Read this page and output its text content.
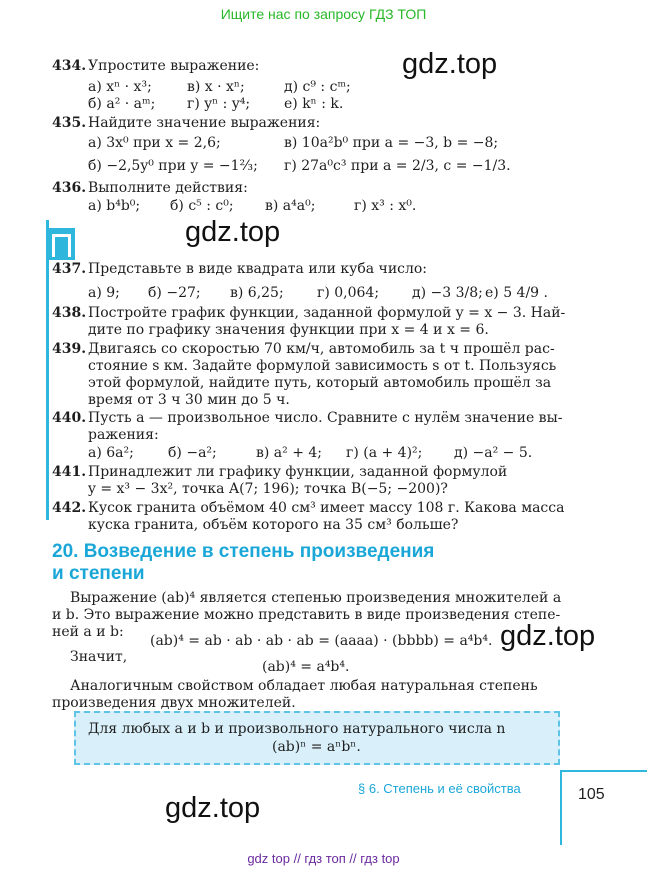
Ищите нас по запросу ГДЗ ТОП
gdz.top
gdz.top
gdz.top
gdz.top
434. Упростите выражение:
а) xⁿ · x³;	в) x · xⁿ;	д) c⁹ : cᵐ;
б) a² · aᵐ; г) yⁿ : y⁴; е) kⁿ : k.
435. Найдите значение выражения:
а) 3x⁰ при x = 2,6;	в) 10a²b⁰ при a = −3, b = −8;
б) −2,5y⁰ при y = −1⅔; г) 27a⁰c³ при a = 2/3, c = −1/3.
436. Выполните действия:
а) b⁴b⁰; б) c⁵ : c⁰; в) a⁴a⁰;	г) x³ : x⁰.
437. Представьте в виде квадрата или куба число:
а) 9; б) −27; в) 6,25; г) 0,064; д) −3 3/8; е) 5 4/9 .
438. Постройте график функции, заданной формулой y = x − 3. Най-
дите по графику значения функции при x = 4 и x = 6.
439. Двигаясь со скоростью 70 км/ч, автомобиль за t ч прошёл рас-
стояние s км. Задайте формулой зависимость s от t. Пользуясь
этой формулой, найдите путь, который автомобиль прошёл за
время от 3 ч 30 мин до 5 ч.
440. Пусть a — произвольное число. Сравните с нулём значение вы-
ражения:
а) 6a²; б) −a²;	в) a² + 4; г) (a + 4)²; д) −a² − 5.
441. Принадлежит ли графику функции, заданной формулой
y = x³ − 3x², точка A(7; 196); точка B(−5; −200)?
442. Кусок гранита объёмом 40 см³ имеет массу 108 г. Какова масса
куска гранита, объём которого на 35 см³ больше?
20. Возведение в степень произведения
и степени
Выражение (ab)⁴ является степенью произведения множителей a
и b. Это выражение можно представить в виде произведения степе-
ней a и b:
(ab)⁴ = ab · ab · ab · ab = (aaaa) · (bbbb) = a⁴b⁴.
Значит,
(ab)⁴ = a⁴b⁴.
Аналогичным свойством обладает любая натуральная степень
произведения двух множителей.
Для любых a и b и произвольного натурального числа n
(ab)ⁿ = aⁿbⁿ.
§ 6. Степень и её свойства	105
gdz top // гдз топ // гдз top
